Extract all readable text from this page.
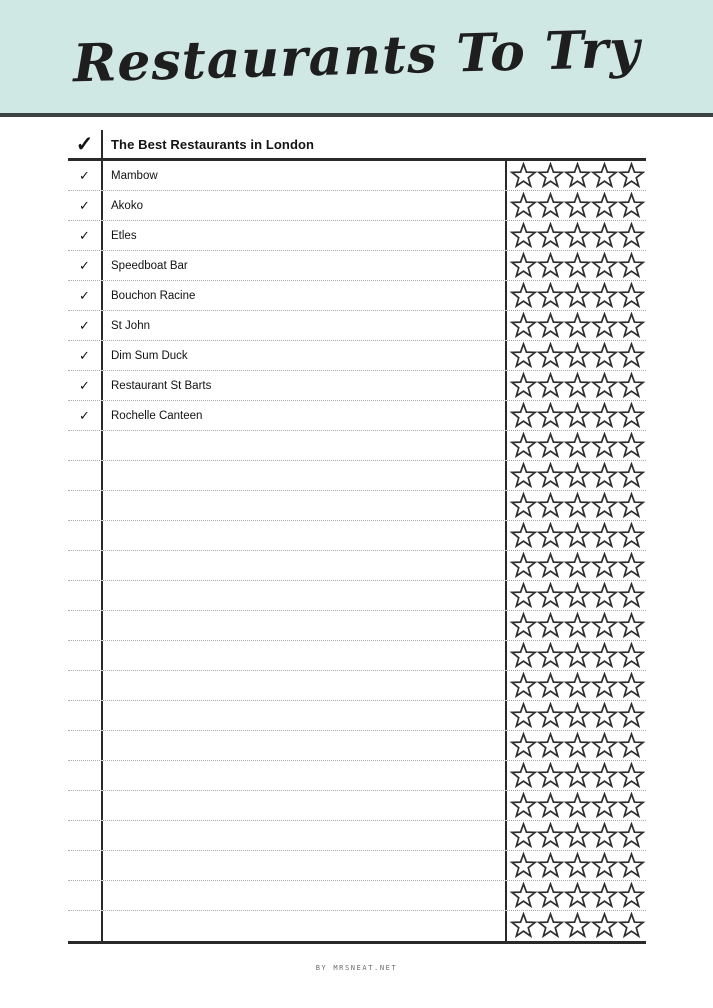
Restaurants To Try
✓	The Best Restaurants in London
✓	Mambow
✓	Akoko
✓	Etles
✓	Speedboat Bar
✓	Bouchon Racine
✓	St John
✓	Dim Sum Duck
✓	Restaurant St Barts
✓	Rochelle Canteen
BY MRSNEAT.NET
